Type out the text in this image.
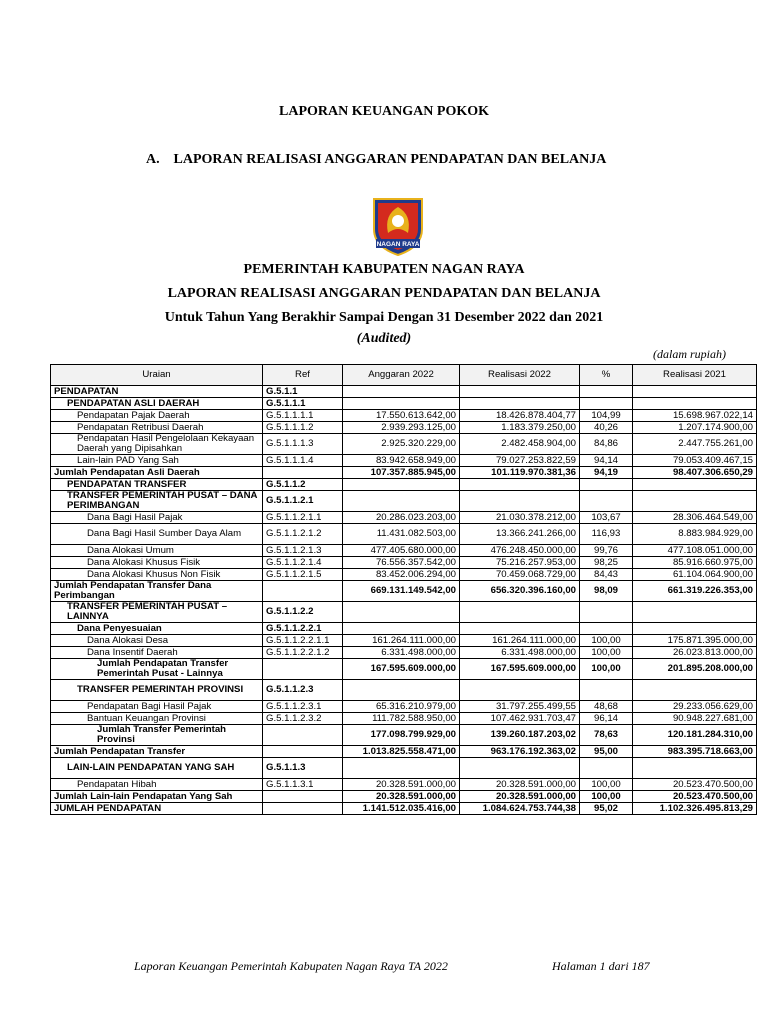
LAPORAN KEUANGAN POKOK
A. LAPORAN REALISASI ANGGARAN PENDAPATAN DAN BELANJA
NAGAN RAYA
PEMERINTAH KABUPATEN NAGAN RAYA
LAPORAN REALISASI ANGGARAN PENDAPATAN DAN BELANJA
Untuk Tahun Yang Berakhir Sampai Dengan 31 Desember 2022 dan 2021
(Audited)
(dalam rupiah)
Uraian	Ref	Anggaran 2022	Realisasi 2022	%	Realisasi 2021
PENDAPATAN	G.5.1.1				
PENDAPATAN ASLI DAERAH	G.5.1.1.1				
Pendapatan Pajak Daerah	G.5.1.1.1.1	17.550.613.642,00	18.426.878.404,77	104,99	15.698.967.022,14
Pendapatan Retribusi Daerah	G.5.1.1.1.2	2.939.293.125,00	1.183.379.250,00	40,26	1.207.174.900,00
Pendapatan Hasil Pengelolaan Kekayaan Daerah yang Dipisahkan	G.5.1.1.1.3	2.925.320.229,00	2.482.458.904,00	84,86	2.447.755.261,00
Lain-lain PAD Yang Sah	G.5.1.1.1.4	83.942.658.949,00	79.027.253.822,59	94,14	79.053.409.467,15
Jumlah Pendapatan Asli Daerah		107.357.885.945,00	101.119.970.381,36	94,19	98.407.306.650,29
PENDAPATAN TRANSFER	G.5.1.1.2				
TRANSFER PEMERINTAH PUSAT – DANA PERIMBANGAN	G.5.1.1.2.1				
Dana Bagi Hasil Pajak	G.5.1.1.2.1.1	20.286.023.203,00	21.030.378.212,00	103,67	28.306.464.549,00
Dana Bagi Hasil Sumber Daya Alam	G.5.1.1.2.1.2	11.431.082.503,00	13.366.241.266,00	116,93	8.883.984.929,00
Dana Alokasi Umum	G.5.1.1.2.1.3	477.405.680.000,00	476.248.450.000,00	99,76	477.108.051.000,00
Dana Alokasi Khusus Fisik	G.5.1.1.2.1.4	76.556.357.542,00	75.216.257.953,00	98,25	85.916.660.975,00
Dana Alokasi Khusus Non Fisik	G.5.1.1.2.1.5	83.452.006.294,00	70.459.068.729,00	84,43	61.104.064.900,00
Jumlah Pendapatan Transfer Dana Perimbangan		669.131.149.542,00	656.320.396.160,00	98,09	661.319.226.353,00
TRANSFER PEMERINTAH PUSAT – LAINNYA	G.5.1.1.2.2				
Dana Penyesuaian	G.5.1.1.2.2.1				
Dana Alokasi Desa	G.5.1.1.2.2.1.1	161.264.111.000,00	161.264.111.000,00	100,00	175.871.395.000,00
Dana Insentif Daerah	G.5.1.1.2.2.1.2	6.331.498.000,00	6.331.498.000,00	100,00	26.023.813.000,00
Jumlah Pendapatan Transfer Pemerintah Pusat - Lainnya		167.595.609.000,00	167.595.609.000,00	100,00	201.895.208.000,00
TRANSFER PEMERINTAH PROVINSI	G.5.1.1.2.3				
Pendapatan Bagi Hasil Pajak	G.5.1.1.2.3.1	65.316.210.979,00	31.797.255.499,55	48,68	29.233.056.629,00
Bantuan Keuangan Provinsi	G.5.1.1.2.3.2	111.782.588.950,00	107.462.931.703,47	96,14	90.948.227.681,00
Jumlah Transfer Pemerintah Provinsi		177.098.799.929,00	139.260.187.203,02	78,63	120.181.284.310,00
Jumlah Pendapatan Transfer		1.013.825.558.471,00	963.176.192.363,02	95,00	983.395.718.663,00
LAIN-LAIN PENDAPATAN YANG SAH	G.5.1.1.3				
Pendapatan Hibah	G.5.1.1.3.1	20.328.591.000,00	20.328.591.000,00	100,00	20.523.470.500,00
Jumlah Lain-lain Pendapatan Yang Sah		20.328.591.000,00	20.328.591.000,00	100,00	20.523.470.500,00
JUMLAH PENDAPATAN		1.141.512.035.416,00	1.084.624.753.744,38	95,02	1.102.326.495.813,29
Laporan Keuangan Pemerintah Kabupaten Nagan Raya TA 2022	Halaman 1 dari 187
